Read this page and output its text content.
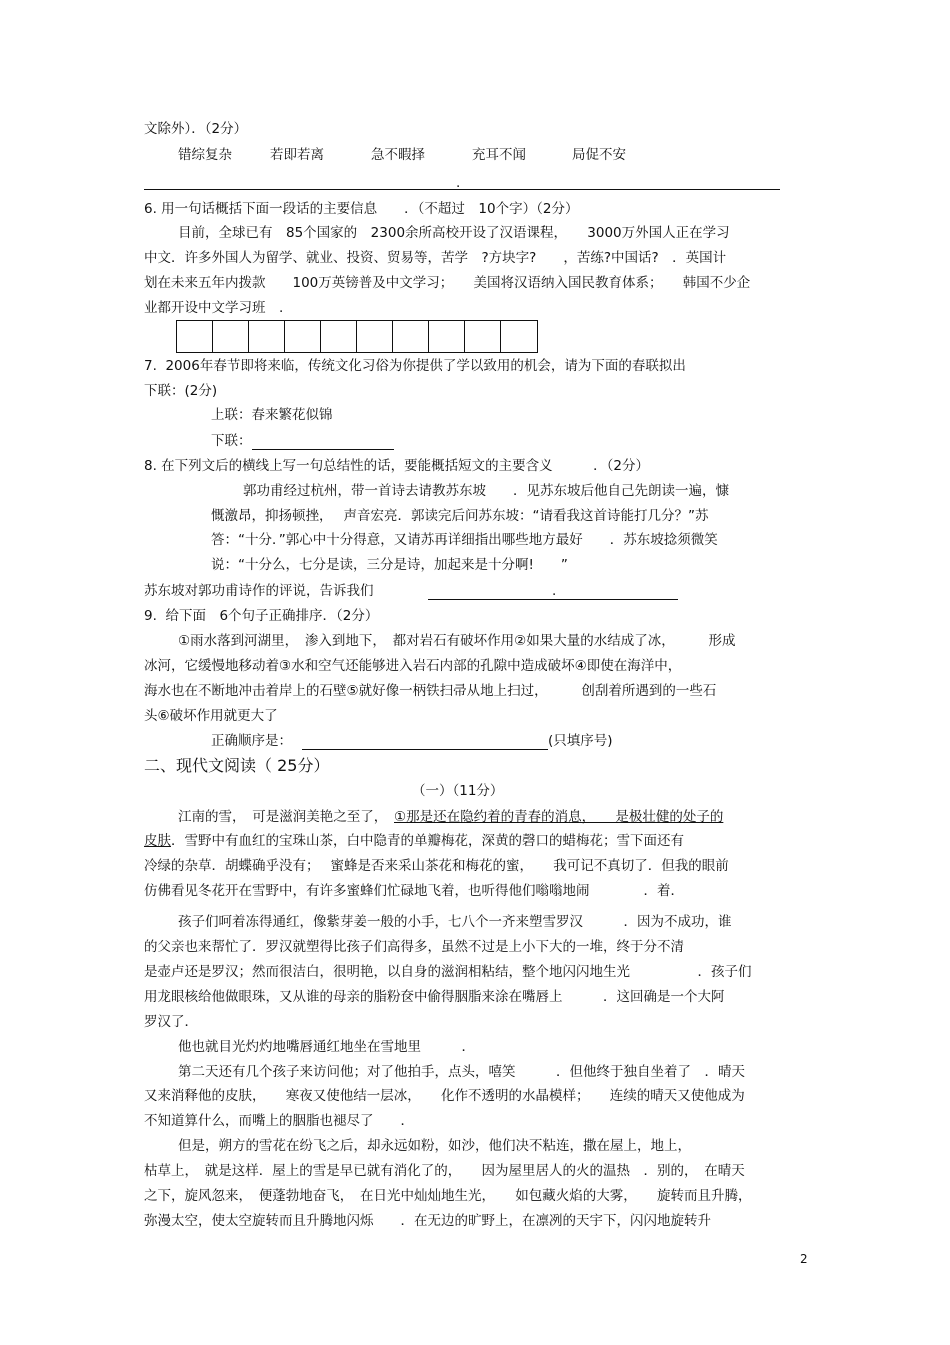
文除外）．（2分）
错综复杂	若即若离	急不暇择	充耳不闻	局促不安
.
6. 用一句话概括下面一段话的主要信息　　．（不超过　10个字）（2分）
目前，全球已有　85个国家的　2300余所高校开设了汉语课程，　　3000万外国人正在学习
中文．许多外国人为留学、就业、投资、贸易等，苦学　?方块字?　　，苦练?中国话?　．英国计
划在未来五年内拨款　　100万英镑普及中文学习；　　美国将汉语纳入国民教育体系；　　韩国不少企
业都开设中文学习班　.
7.  2006年春节即将来临，传统文化习俗为你提供了学以致用的机会，请为下面的春联拟出
下联：(2分)
上联：春来繁花似锦
下联：
8. 在下列文后的横线上写一句总结性的话，要能概括短文的主要含义　　　．（2分）
郭功甫经过杭州，带一首诗去请教苏东坡　　．见苏东坡后他自己先朗读一遍，慷
慨激昂，抑扬顿挫，　 声音宏亮．郭读完后问苏东坡：“请看我这首诗能打几分？”苏
答：“十分．”郭心中十分得意，又请苏再详细指出哪些地方最好　　．苏东坡捻须微笑
说：“十分么，七分是读，三分是诗，加起来是十分啊!　　”
苏东坡对郭功甫诗作的评说，告诉我们	.
9.  给下面　6个句子正确排序．（2分）
①雨水落到河湖里，　渗入到地下，　都对岩石有破坏作用②如果大量的水结成了冰，　　　形成
冰河，它缓慢地移动着③水和空气还能够进入岩石内部的孔隙中造成破坏④即使在海洋中，
海水也在不断地冲击着岸上的石壁⑤就好像一柄铁扫帚从地上扫过，　　　创刮着所遇到的一些石
头⑥破坏作用就更大了
正确顺序是：	(只填序号)
二、现代文阅读（ 25分）
（一）（11分）
江南的雪，　可是滋润美艳之至了，　①那是还在隐约着的青春的消息，　　是极壮健的处子的
皮肤．雪野中有血红的宝珠山茶，白中隐青的单瓣梅花，深黄的磬口的蜡梅花；雪下面还有
冷绿的杂草．胡蝶确乎没有；　 蜜蜂是否来采山茶花和梅花的蜜，　　我可记不真切了．但我的眼前
仿佛看见冬花开在雪野中，有许多蜜蜂们忙碌地飞着，也听得他们嗡嗡地闹　　　　．着．
孩子们呵着冻得通红，像紫芽姜一般的小手，七八个一齐来塑雪罗汉　　　．因为不成功，谁
的父亲也来帮忙了．罗汉就塑得比孩子们高得多，虽然不过是上小下大的一堆，终于分不清
是壶卢还是罗汉；然而很洁白，很明艳，以自身的滋润相粘结，整个地闪闪地生光　　　　　．孩子们
用龙眼核给他做眼珠，又从谁的母亲的脂粉奁中偷得胭脂来涂在嘴唇上　　　．这回确是一个大阿
罗汉了．
他也就目光灼灼地嘴唇通红地坐在雪地里　　　．
第二天还有几个孩子来访问他；对了他拍手，点头，嘻笑　　　．但他终于独自坐着了　．晴天
又来消释他的皮肤，　　寒夜又使他结一层冰，　　化作不透明的水晶模样；　　连续的晴天又使他成为
不知道算什么，而嘴上的胭脂也褪尽了　　．
但是，朔方的雪花在纷飞之后，却永远如粉，如沙，他们决不粘连，撒在屋上，地上，
枯草上，　就是这样．屋上的雪是早已就有消化了的，　　因为屋里居人的火的温热　．别的，　在晴天
之下，旋风忽来，　便蓬勃地奋飞，　在日光中灿灿地生光，　　如包藏火焰的大雾，　　旋转而且升腾，
弥漫太空，使太空旋转而且升腾地闪烁　　．在无边的旷野上，在凛冽的天宇下，闪闪地旋转升
2
